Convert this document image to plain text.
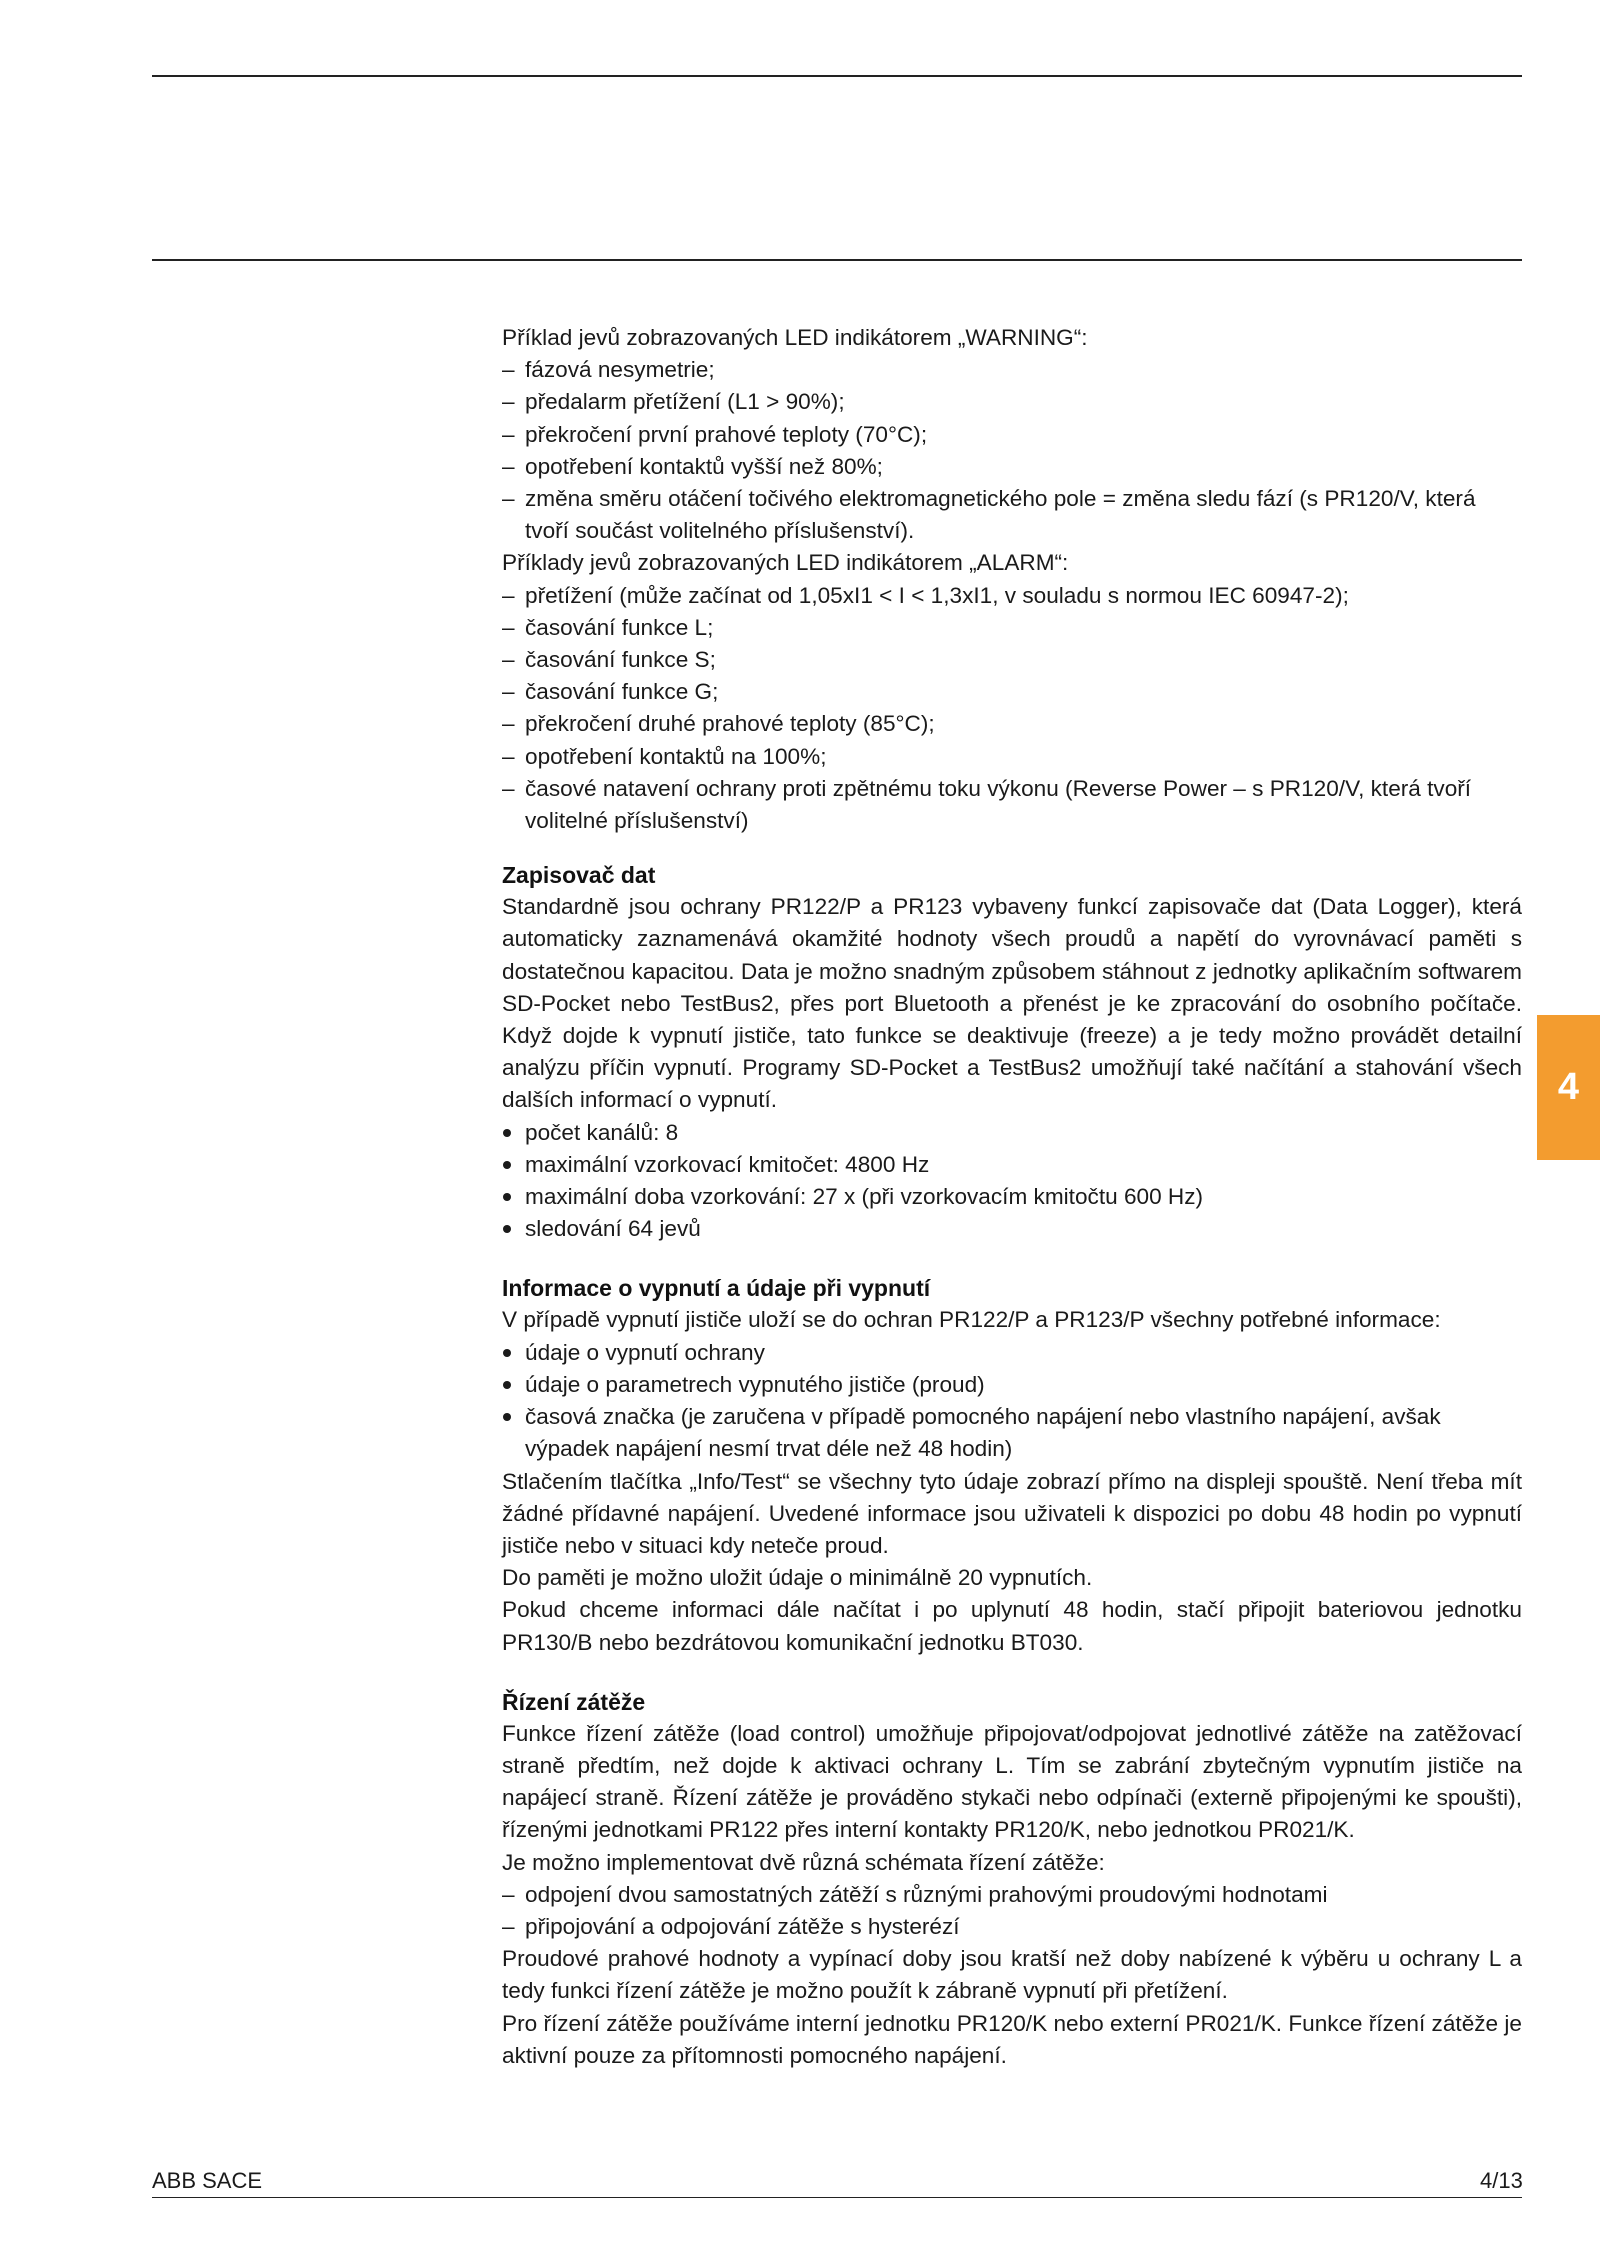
Příklad jevů zobrazovaných LED indikátorem „WARNING“:

– fázová nesymetrie;
– předalarm přetížení (L1 > 90%);
– překročení první prahové teploty (70°C);
– opotřebení kontaktů vyšší než 80%;
– změna směru otáčení točivého elektromagnetického pole = změna sledu fází (s PR120/V, která tvoří součást volitelného příslušenství).

Příklady jevů zobrazovaných LED indikátorem „ALARM“:

– přetížení (může začínat od 1,05xI1 < I < 1,3xI1, v souladu s normou IEC 60947-2);
– časování funkce L;
– časování funkce S;
– časování funkce G;
– překročení druhé prahové teploty (85°C);
– opotřebení kontaktů na 100%;
– časové natavení ochrany proti zpětnému toku výkonu (Reverse Power – s PR120/V, která tvoří volitelné příslušenství)
Zapisovač dat

Standardně jsou ochrany PR122/P a PR123 vybaveny funkcí zapisovače dat (Data Logger), která automaticky zaznamenává okamžité hodnoty všech proudů a napětí do vyrovnávací paměti s dostatečnou kapacitou. Data je možno snadným způsobem stáhnout z jednotky aplikačním softwarem SD-Pocket nebo TestBus2, přes port Bluetooth a přenést je ke zpracování do osobního počítače. Když dojde k vypnutí jističe, tato funkce se deaktivuje (freeze) a je tedy možno provádět detailní analýzu příčin vypnutí. Programy SD-Pocket a TestBus2 umožňují také načítání a stahování všech dalších informací o vypnutí.

počet kanálů: 8
maximální vzorkovací kmitočet: 4800 Hz
maximální doba vzorkování: 27 x (při vzorkovacím kmitočtu 600 Hz)
sledování 64 jevů
Informace o vypnutí a údaje při vypnutí

V případě vypnutí jističe uloží se do ochran PR122/P a PR123/P všechny potřebné informace:

údaje o vypnutí ochrany
údaje o parametrech vypnutého jističe (proud)
časová značka (je zaručena v případě pomocného napájení nebo vlastního napájení, avšak výpadek napájení nesmí trvat déle než 48 hodin)

Stlačením tlačítka „Info/Test“ se všechny tyto údaje zobrazí přímo na displeji spouště. Není třeba mít žádné přídavné napájení. Uvedené informace jsou uživateli k dispozici po dobu 48 hodin po vypnutí jističe nebo v situaci kdy neteče proud.

Do paměti je možno uložit údaje o minimálně 20 vypnutích.

Pokud chceme informaci dále načítat i po uplynutí 48 hodin, stačí připojit bateriovou jednotku PR130/B nebo bezdrátovou komunikační jednotku BT030.

Řízení zátěže

Funkce řízení zátěže (load control) umožňuje připojovat/odpojovat jednotlivé zátěže na zatěžovací straně předtím, než dojde k aktivaci ochrany L. Tím se zabrání zbytečným vypnutím jističe na napájecí straně. Řízení zátěže je prováděno stykači nebo odpínači (externě připojenými ke spoušti), řízenými jednotkami PR122 přes interní kontakty PR120/K, nebo jednotkou PR021/K.

Je možno implementovat dvě různá schémata řízení zátěže:

– odpojení dvou samostatných zátěží s různými prahovými proudovými hodnotami
– připojování a odpojování zátěže s hysterézí

Proudové prahové hodnoty a vypínací doby jsou kratší než doby nabízené k výběru u ochrany L a tedy funkci řízení zátěže je možno použít k zábraně vypnutí při přetížení.

Pro řízení zátěže používáme interní jednotku PR120/K nebo externí PR021/K. Funkce řízení zátěže je aktivní pouze za přítomnosti pomocného napájení.

4
ABB SACE	4/13
